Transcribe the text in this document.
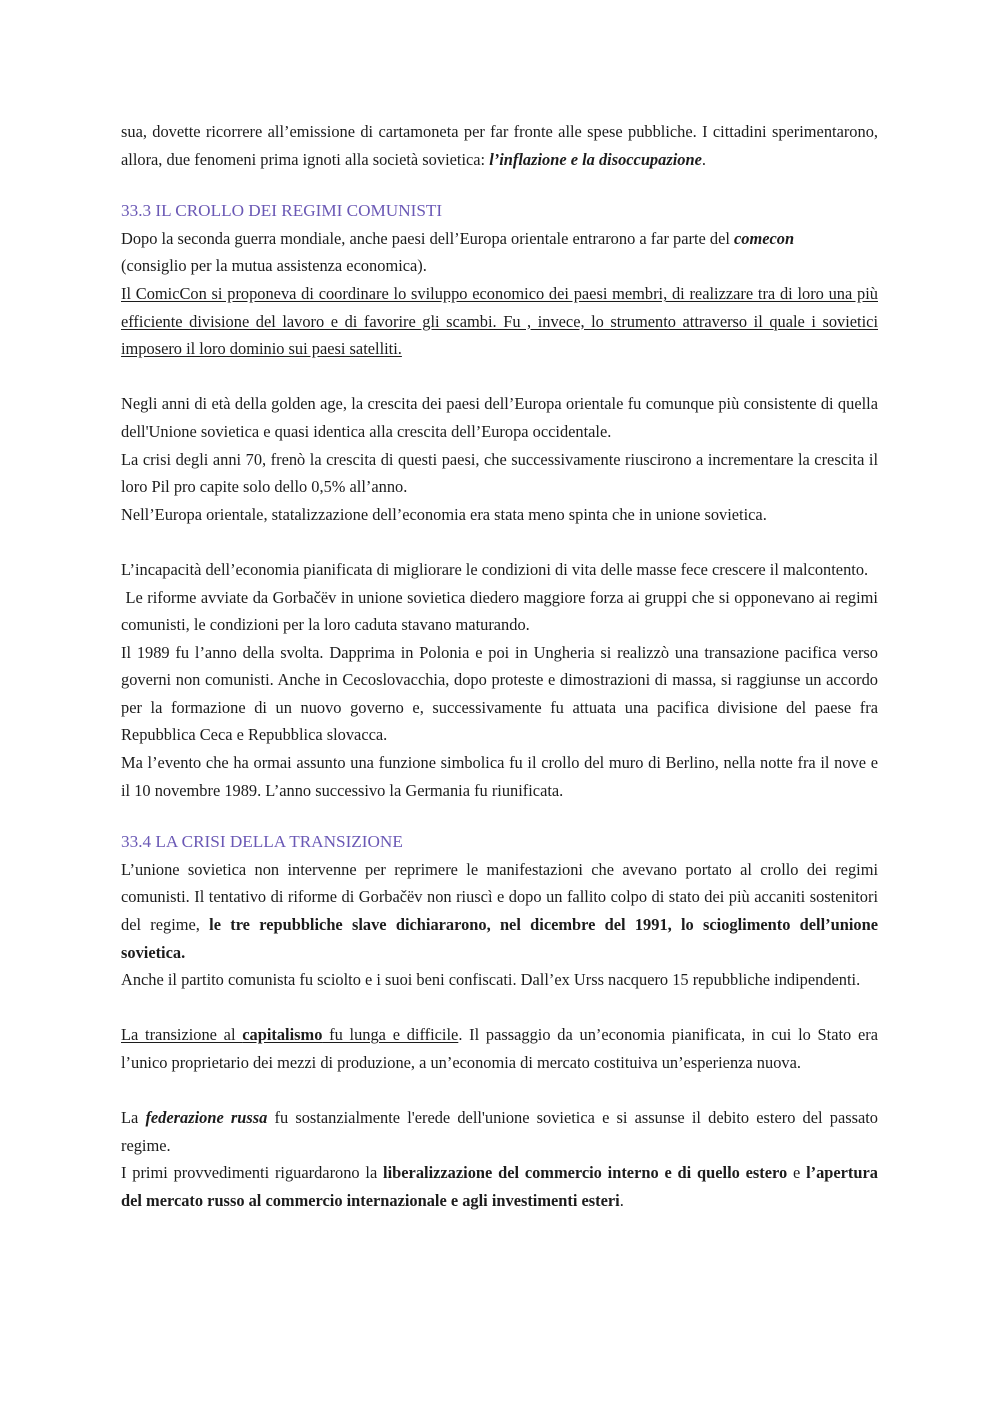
sua, dovette ricorrere all’emissione di cartamoneta per far fronte alle spese pubbliche. I cittadini sperimentarono, allora, due fenomeni prima ignoti alla società sovietica: l’inflazione e la disoccupazione.

33.3 IL CROLLO DEI REGIMI COMUNISTI

Dopo la seconda guerra mondiale, anche paesi dell’Europa orientale entrarono a far parte del comecon
(consiglio per la mutua assistenza economica).

Il ComicCon si proponeva di coordinare lo sviluppo economico dei paesi membri, di realizzare tra di loro una più efficiente divisione del lavoro e di favorire gli scambi. Fu , invece, lo strumento attraverso il quale i sovietici imposero il loro dominio sui paesi satelliti.

Negli anni di età della golden age, la crescita dei paesi dell’Europa orientale fu comunque più consistente di quella dell'Unione sovietica e quasi identica alla crescita dell’Europa occidentale.

La crisi degli anni 70, frenò la crescita di questi paesi, che successivamente riuscirono a incrementare la crescita il loro Pil pro capite solo dello 0,5% all’anno.

Nell’Europa orientale, statalizzazione dell’economia era stata meno spinta che in unione sovietica.

L’incapacità dell’economia pianificata di migliorare le condizioni di vita delle masse fece crescere il malcontento.

Le riforme avviate da Gorbačëv in unione sovietica diedero maggiore forza ai gruppi che si opponevano ai regimi comunisti, le condizioni per la loro caduta stavano maturando.

Il 1989 fu l’anno della svolta. Dapprima in Polonia e poi in Ungheria si realizzò una transazione pacifica verso governi non comunisti. Anche in Cecoslovacchia, dopo proteste e dimostrazioni di massa, si raggiunse un accordo per la formazione di un nuovo governo e, successivamente fu attuata una pacifica divisione del paese fra Repubblica Ceca e Repubblica slovacca.

Ma l’evento che ha ormai assunto una funzione simbolica fu il crollo del muro di Berlino, nella notte fra il nove e il 10 novembre 1989. L’anno successivo la Germania fu riunificata.

33.4 LA CRISI DELLA TRANSIZIONE

L’unione sovietica non intervenne per reprimere le manifestazioni che avevano portato al crollo dei regimi comunisti. Il tentativo di riforme di Gorbačëv non riuscì e dopo un fallito colpo di stato dei più accaniti sostenitori del regime, le tre repubbliche slave dichiararono, nel dicembre del 1991, lo scioglimento dell’unione sovietica.

Anche il partito comunista fu sciolto e i suoi beni confiscati. Dall’ex Urss nacquero 15 repubbliche indipendenti.

La transizione al capitalismo fu lunga e difficile. Il passaggio da un’economia pianificata, in cui lo Stato era l’unico proprietario dei mezzi di produzione, a un’economia di mercato costituiva un’esperienza nuova.

La federazione russa fu sostanzialmente l'erede dell'unione sovietica e si assunse il debito estero del passato regime.

I primi provvedimenti riguardarono la liberalizzazione del commercio interno e di quello estero e l’apertura del mercato russo al commercio internazionale e agli investimenti esteri.
